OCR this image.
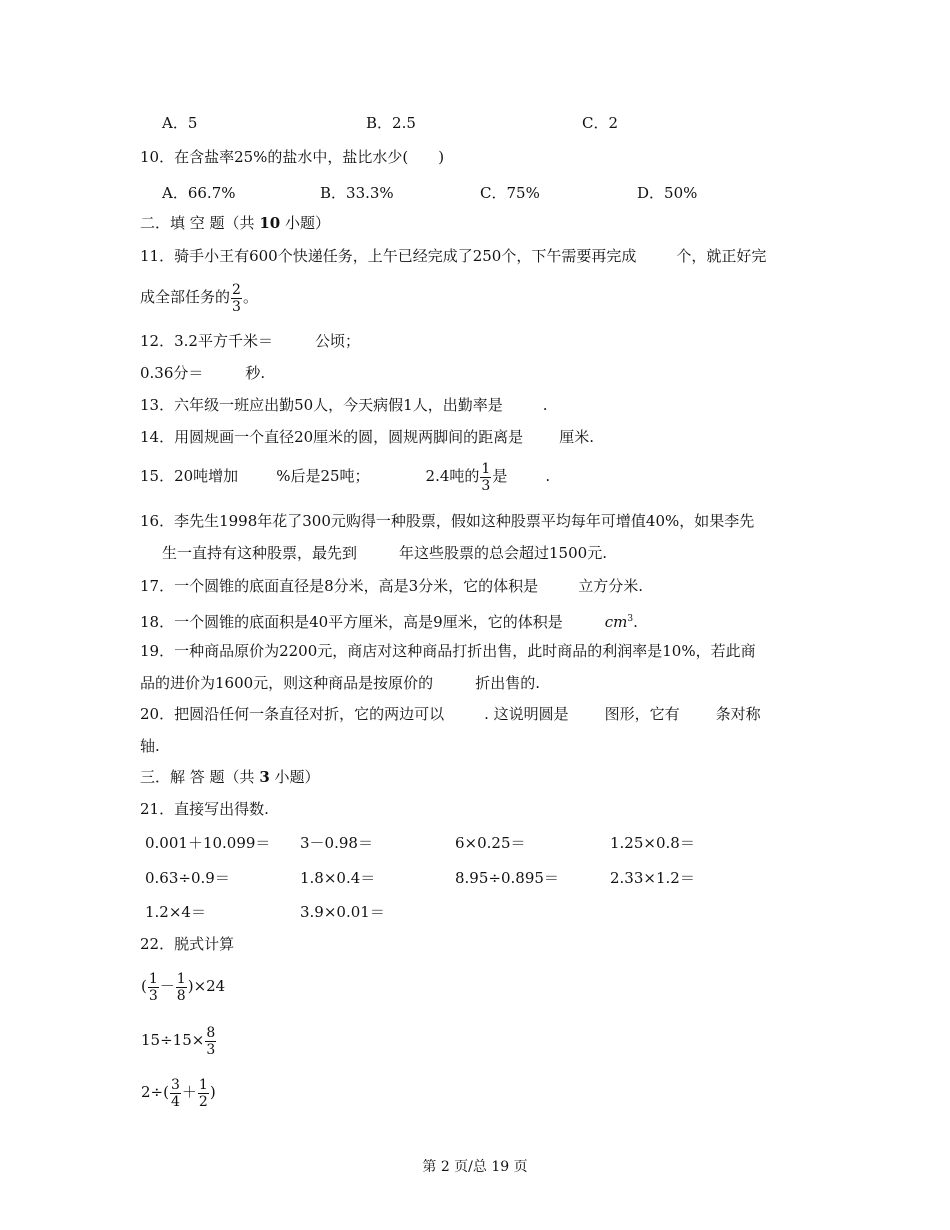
A．5	B．2.5	C．2
10．在含盐率25%的盐水中，盐比水少(　　)
A．66.7%	B．33.3%	C．75%	D．50%
二．填 空 题（共 10 小题）
11．骑手小王有600个快递任务，上午已经完成了250个，下午需要再完成	个，就正好完
成全部任务的 $\frac{2}{3}$ 。
12．3.2平方千米＝	公顷；
0.36分＝	秒.
13．六年级一班应出勤50人，今天病假1人，出勤率是	.
14．用圆规画一个直径20厘米的圆，圆规两脚间的距离是 厘米.
15．20吨增加	%后是25吨；	2.4吨的 $\frac{1}{3}$ 是	.
16．李先生1998年花了300元购得一种股票，假如这种股票平均每年可增值40%，如果李先
生一直持有这种股票，最先到	年这些股票的总会超过1500元.
17．一个圆锥的底面直径是8分米，高是3分米，它的体积是	立方分米.
18．一个圆锥的底面积是40平方厘米，高是9厘米，它的体积是	$cm^3$.
19．一种商品原价为2200元，商店对这种商品打折出售，此时商品的利润率是10%，若此商
品的进价为1600元，则这种商品是按原价的	折出售的.
20．把圆沿任何一条直径对折，它的两边可以	. 这说明圆是 图形，它有 条对称
轴.
三．解 答 题（共 3 小题）
21．直接写出得数.
0.001＋10.099＝ 3－0.98＝	6×0.25＝	1.25×0.8＝
0.63÷0.9＝	1.8×0.4＝	8.95÷0.895＝	2.33×1.2＝
1.2×4＝	3.9×0.01＝
22．脱式计算
( $\frac{1}{3} - \frac{1}{8} )\times 24$
$15\div 15\times \frac{8}{3}$
$2\div( \frac{3}{4} + \frac{1}{2}$ )
第 2 页/总 19 页
